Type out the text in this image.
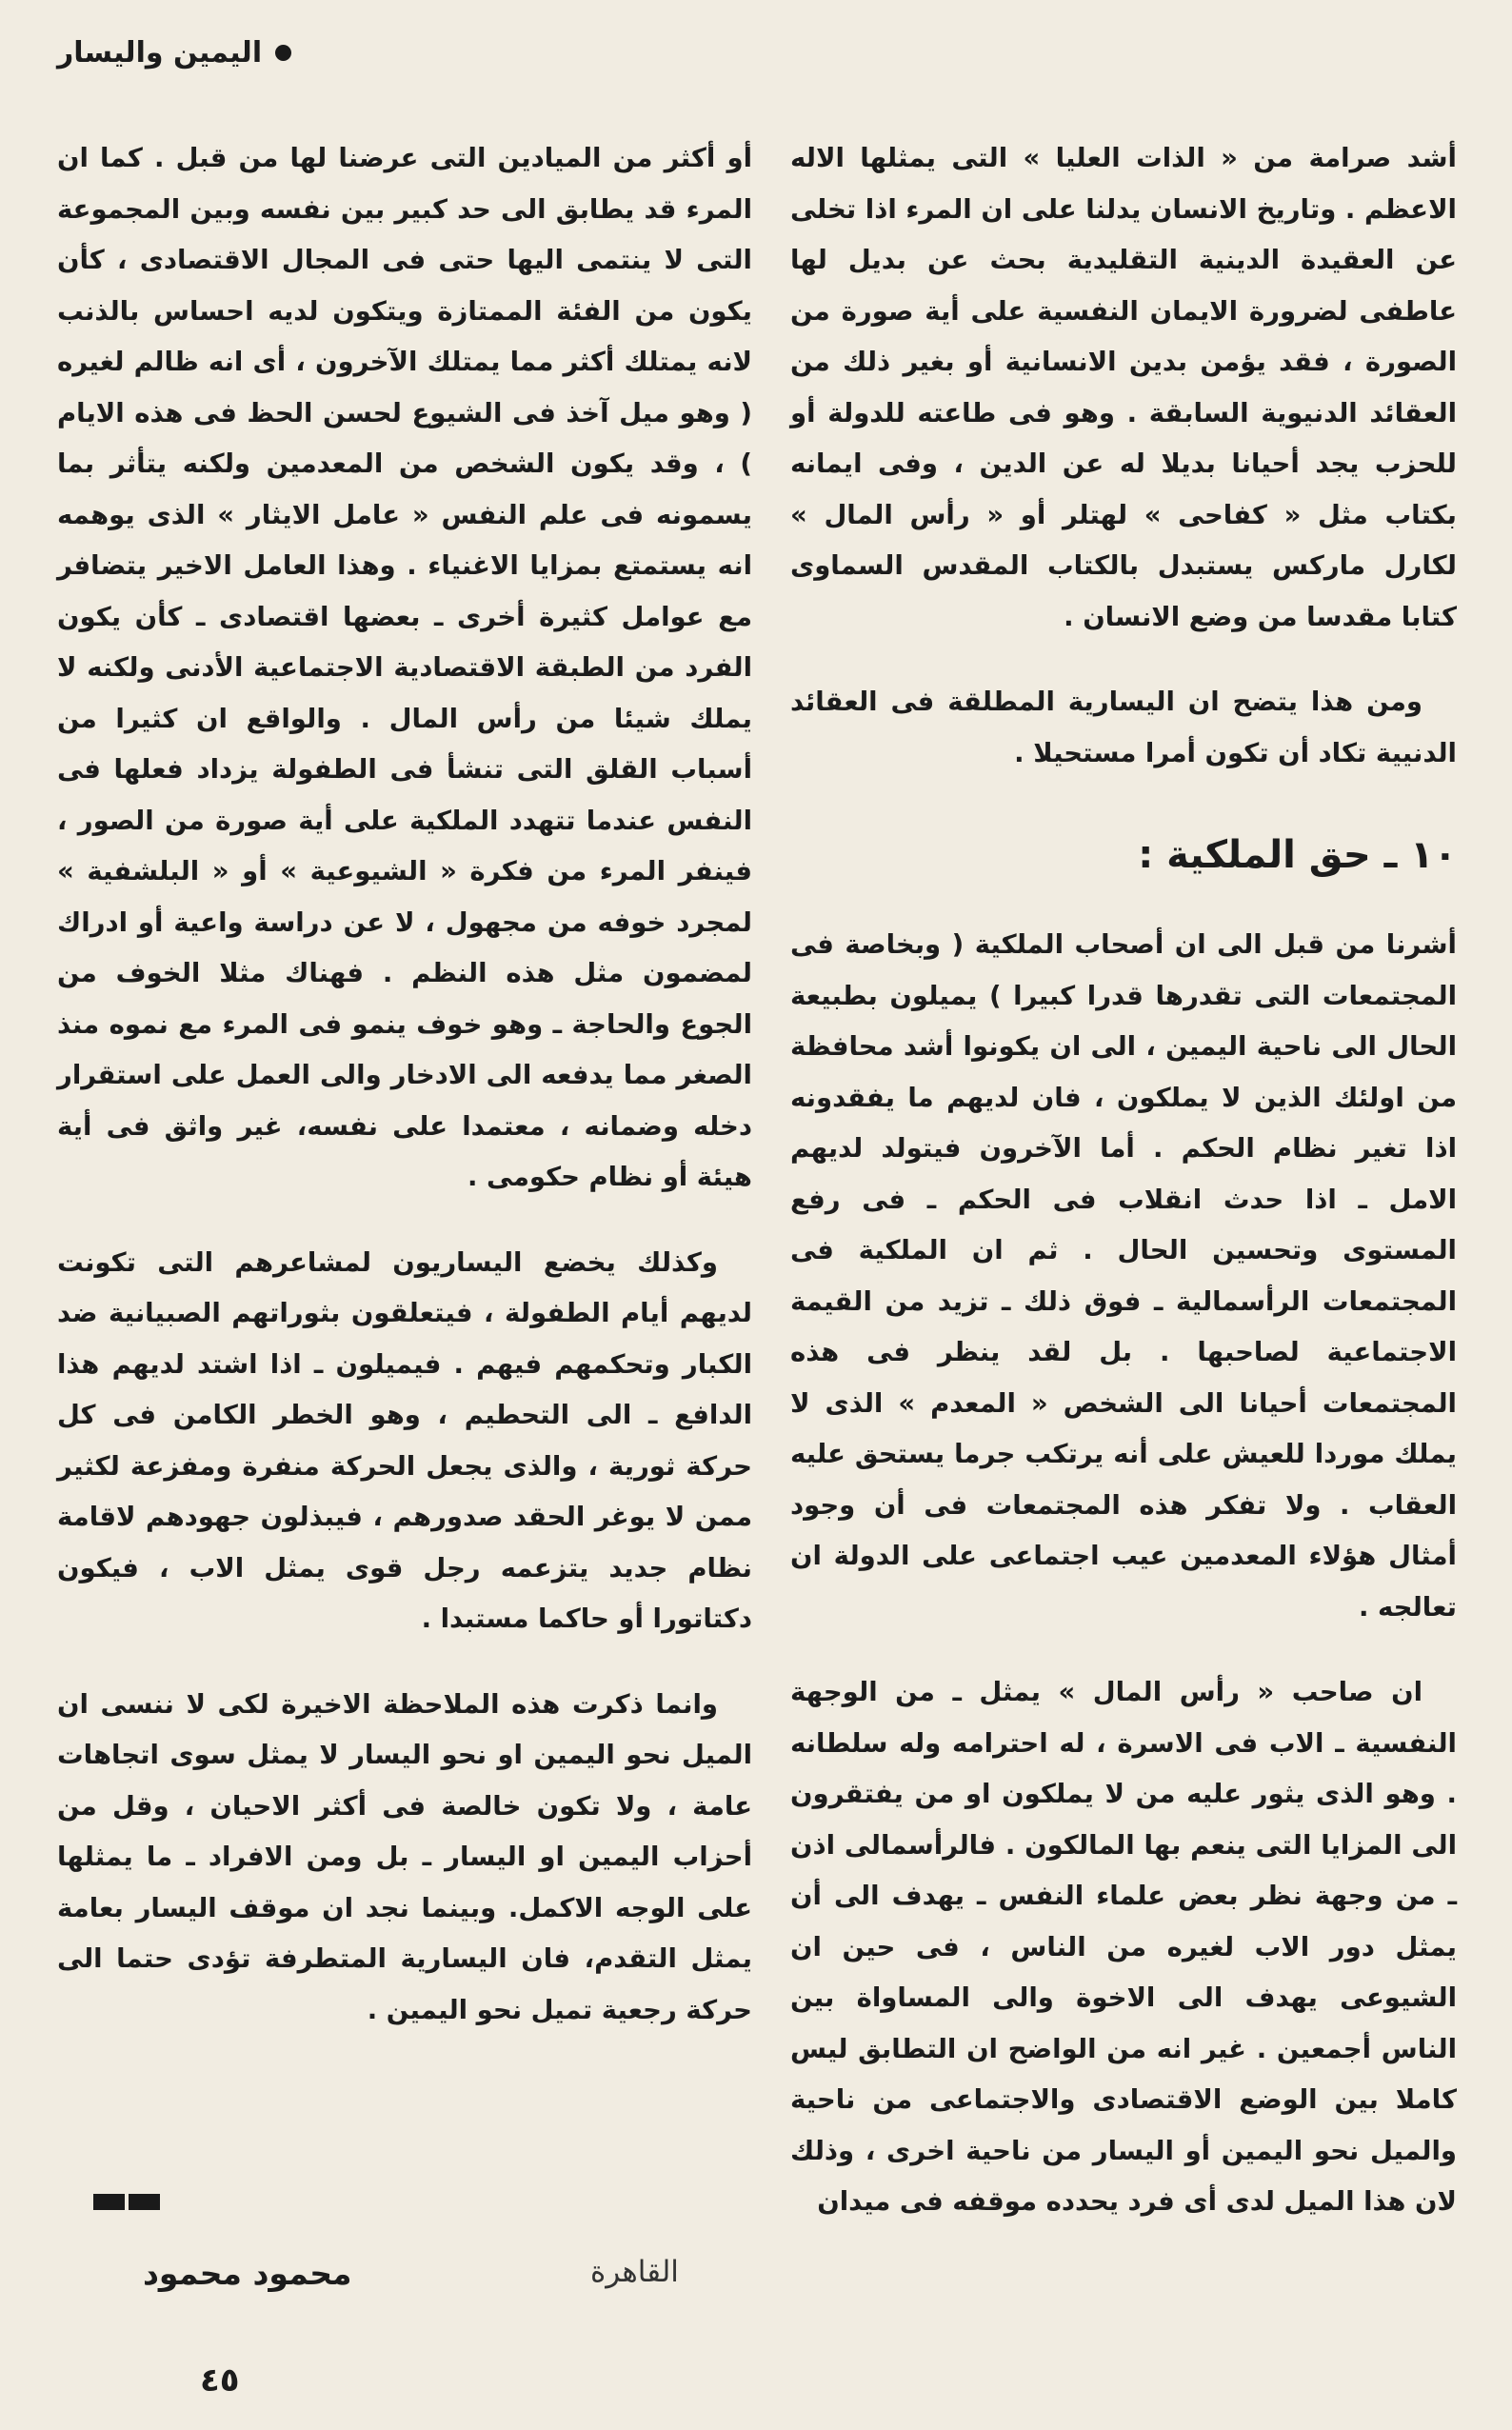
اليمين واليسار

أشد صرامة من « الذات العليا » التى يمثلها الاله الاعظم . وتاريخ الانسان يدلنا على ان المرء اذا تخلى عن العقيدة الدينية التقليدية بحث عن بديل لها عاطفى لضرورة الايمان النفسية على أية صورة من الصورة ، فقد يؤمن بدين الانسانية أو بغير ذلك من العقائد الدنيوية السابقة . وهو فى طاعته للدولة أو للحزب يجد أحيانا بديلا له عن الدين ، وفى ايمانه بكتاب مثل « كفاحى » لهتلر أو « رأس المال » لكارل ماركس يستبدل بالكتاب المقدس السماوى كتابا مقدسا من وضع الانسان .

ومن هذا يتضح ان اليسارية المطلقة فى العقائد الدنيية تكاد أن تكون أمرا مستحيلا .

١٠ ـ حق الملكية :

أشرنا من قبل الى ان أصحاب الملكية ( وبخاصة فى المجتمعات التى تقدرها قدرا كبيرا ) يميلون بطبيعة الحال الى ناحية اليمين ، الى ان يكونوا أشد محافظة من اولئك الذين لا يملكون ، فان لديهم ما يفقدونه اذا تغير نظام الحكم . أما الآخرون فيتولد لديهم الامل ـ اذا حدث انقلاب فى الحكم ـ فى رفع المستوى وتحسين الحال . ثم ان الملكية فى المجتمعات الرأسمالية ـ فوق ذلك ـ تزيد من القيمة الاجتماعية لصاحبها . بل لقد ينظر فى هذه المجتمعات أحيانا الى الشخص « المعدم » الذى لا يملك موردا للعيش على أنه يرتكب جرما يستحق عليه العقاب . ولا تفكر هذه المجتمعات فى أن وجود أمثال هؤلاء المعدمين عيب اجتماعى على الدولة ان تعالجه .

ان صاحب « رأس المال » يمثل ـ من الوجهة النفسية ـ الاب فى الاسرة ، له احترامه وله سلطانه . وهو الذى يثور عليه من لا يملكون او من يفتقرون الى المزايا التى ينعم بها المالكون . فالرأسمالى اذن ـ من وجهة نظر بعض علماء النفس ـ يهدف الى أن يمثل دور الاب لغيره من الناس ، فى حين ان الشيوعى يهدف الى الاخوة والى المساواة بين الناس أجمعين . غير انه من الواضح ان التطابق ليس كاملا بين الوضع الاقتصادى والاجتماعى من ناحية والميل نحو اليمين أو اليسار من ناحية اخرى ، وذلك لان هذا الميل لدى أى فرد يحدده موقفه فى ميدان

أو أكثر من الميادين التى عرضنا لها من قبل . كما ان المرء قد يطابق الى حد كبير بين نفسه وبين المجموعة التى لا ينتمى اليها حتى فى المجال الاقتصادى ، كأن يكون من الفئة الممتازة ويتكون لديه احساس بالذنب لانه يمتلك أكثر مما يمتلك الآخرون ، أى انه ظالم لغيره ( وهو ميل آخذ فى الشيوع لحسن الحظ فى هذه الايام ) ، وقد يكون الشخص من المعدمين ولكنه يتأثر بما يسمونه فى علم النفس « عامل الايثار » الذى يوهمه انه يستمتع بمزايا الاغنياء . وهذا العامل الاخير يتضافر مع عوامل كثيرة أخرى ـ بعضها اقتصادى ـ كأن يكون الفرد من الطبقة الاقتصادية الاجتماعية الأدنى ولكنه لا يملك شيئا من رأس المال . والواقع ان كثيرا من أسباب القلق التى تنشأ فى الطفولة يزداد فعلها فى النفس عندما تتهدد الملكية على أية صورة من الصور ، فينفر المرء من فكرة « الشيوعية » أو « البلشفية » لمجرد خوفه من مجهول ، لا عن دراسة واعية أو ادراك لمضمون مثل هذه النظم . فهناك مثلا الخوف من الجوع والحاجة ـ وهو خوف ينمو فى المرء مع نموه منذ الصغر مما يدفعه الى الادخار والى العمل على استقرار دخله وضمانه ، معتمدا على نفسه، غير واثق فى أية هيئة أو نظام حكومى .

وكذلك يخضع اليساريون لمشاعرهم التى تكونت لديهم أيام الطفولة ، فيتعلقون بثوراتهم الصبيانية ضد الكبار وتحكمهم فيهم . فيميلون ـ اذا اشتد لديهم هذا الدافع ـ الى التحطيم ، وهو الخطر الكامن فى كل حركة ثورية ، والذى يجعل الحركة منفرة ومفزعة لكثير ممن لا يوغر الحقد صدورهم ، فيبذلون جهودهم لاقامة نظام جديد يتزعمه رجل قوى يمثل الاب ، فيكون دكتاتورا أو حاكما مستبدا .

وانما ذكرت هذه الملاحظة الاخيرة لكى لا ننسى ان الميل نحو اليمين او نحو اليسار لا يمثل سوى اتجاهات عامة ، ولا تكون خالصة فى أكثر الاحيان ، وقل من أحزاب اليمين او اليسار ـ بل ومن الافراد ـ ما يمثلها على الوجه الاكمل. وبينما نجد ان موقف اليسار بعامة يمثل التقدم، فان اليسارية المتطرفة تؤدى حتما الى حركة رجعية تميل نحو اليمين .

محمود محمود	القاهرة
٤٥
